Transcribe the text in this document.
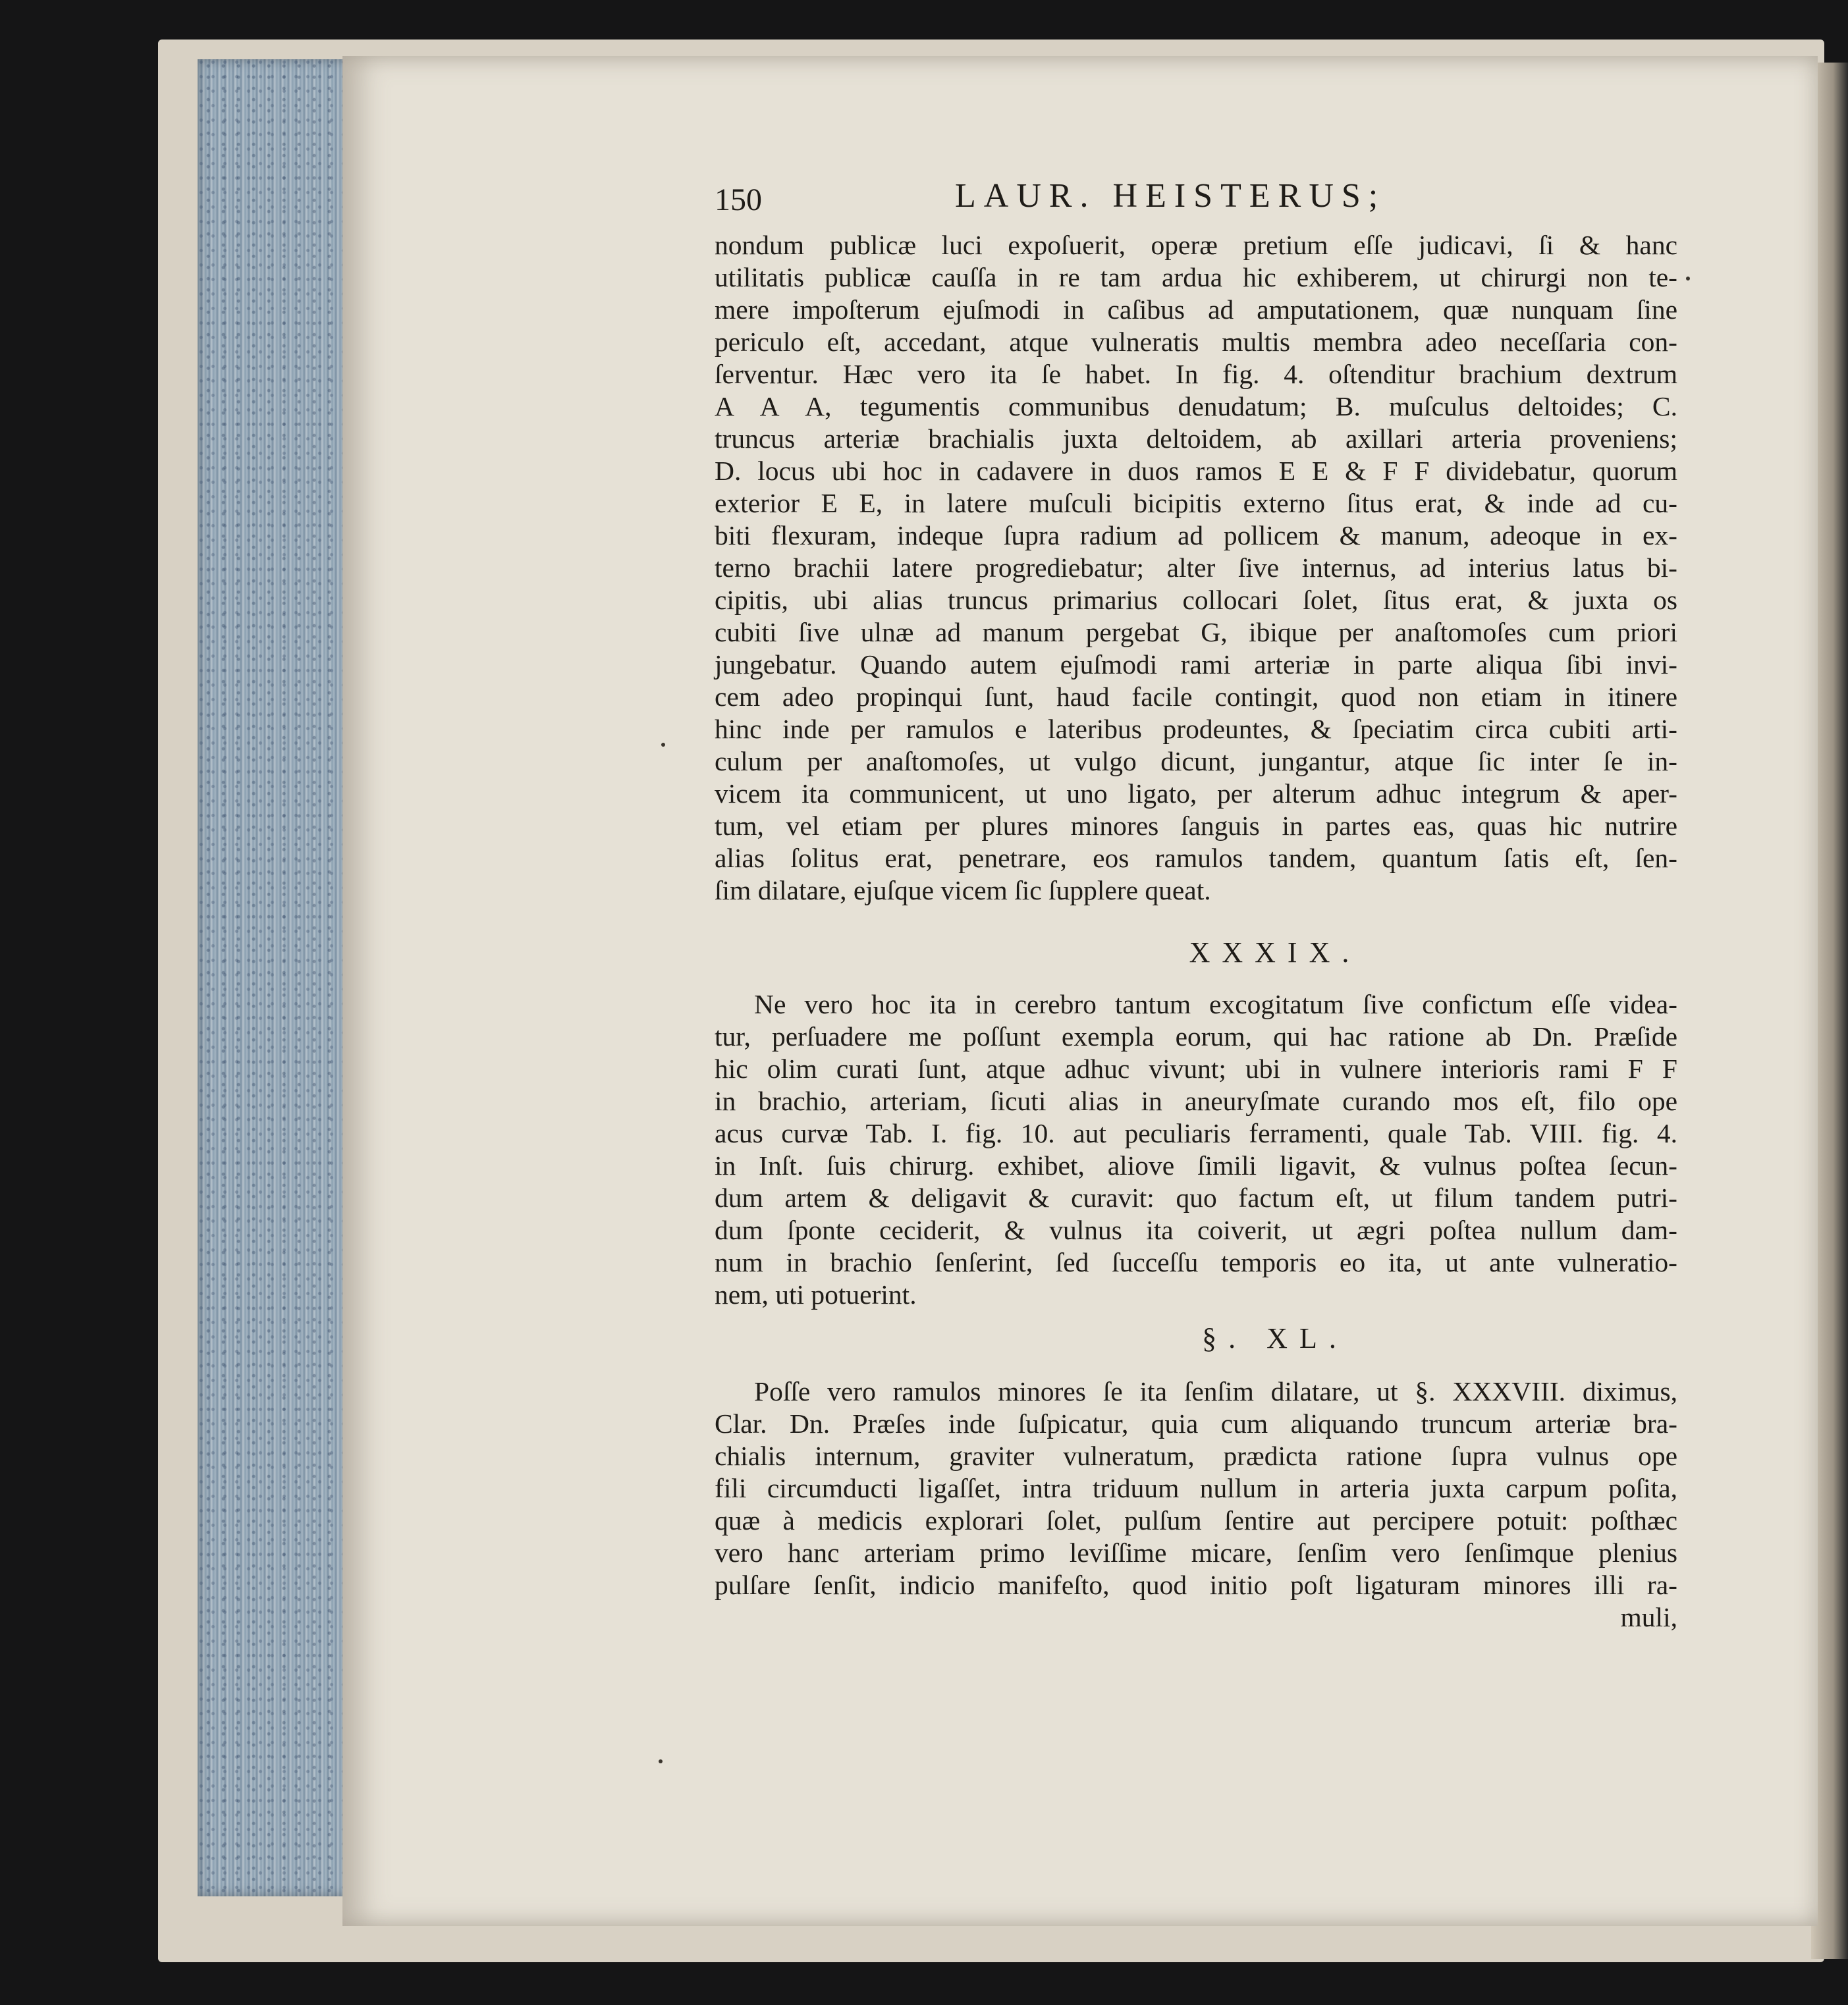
150	LAUR. HEISTERUS;
nondum publicæ luci expoſuerit, operæ pretium eſſe judicavi, ſi & hanc
utilitatis publicæ cauſſa in re tam ardua hic exhiberem, ut chirurgi non te-
mere impoſterum ejuſmodi in caſibus ad amputationem, quæ nunquam ſine
periculo eſt, accedant, atque vulneratis multis membra adeo neceſſaria con-
ſerventur. Hæc vero ita ſe habet. In fig. 4. oſtenditur brachium dextrum
A A A, tegumentis communibus denudatum; B. muſculus deltoides; C.
truncus arteriæ brachialis juxta deltoidem, ab axillari arteria proveniens;
D. locus ubi hoc in cadavere in duos ramos E E & F F dividebatur, quorum
exterior E E, in latere muſculi bicipitis externo ſitus erat, & inde ad cu-
biti flexuram, indeque ſupra radium ad pollicem & manum, adeoque in ex-
terno brachii latere progrediebatur; alter ſive internus, ad interius latus bi-
cipitis, ubi alias truncus primarius collocari ſolet, ſitus erat, & juxta os
cubiti ſive ulnæ ad manum pergebat G, ibique per anaſtomoſes cum priori
jungebatur. Quando autem ejuſmodi rami arteriæ in parte aliqua ſibi invi-
cem adeo propinqui ſunt, haud facile contingit, quod non etiam in itinere
hinc inde per ramulos e lateribus prodeuntes, & ſpeciatim circa cubiti arti-
culum per anaſtomoſes, ut vulgo dicunt, jungantur, atque ſic inter ſe in-
vicem ita communicent, ut uno ligato, per alterum adhuc integrum & aper-
tum, vel etiam per plures minores ſanguis in partes eas, quas hic nutrire
alias ſolitus erat, penetrare, eos ramulos tandem, quantum ſatis eſt, ſen-
ſim dilatare, ejuſque vicem ſic ſupplere queat.
XXXIX.
Ne vero hoc ita in cerebro tantum excogitatum ſive confictum eſſe videa-
tur, perſuadere me poſſunt exempla eorum, qui hac ratione ab Dn. Præſide
hic olim curati ſunt, atque adhuc vivunt; ubi in vulnere interioris rami F F
in brachio, arteriam, ſicuti alias in aneuryſmate curando mos eſt, filo ope
acus curvæ Tab. I. fig. 10. aut peculiaris ferramenti, quale Tab. VIII. fig. 4.
in Inſt. ſuis chirurg. exhibet, aliove ſimili ligavit, & vulnus poſtea ſecun-
dum artem & deligavit & curavit: quo factum eſt, ut filum tandem putri-
dum ſponte ceciderit, & vulnus ita coiverit, ut ægri poſtea nullum dam-
num in brachio ſenſerint, ſed ſucceſſu temporis eo ita, ut ante vulneratio-
nem, uti potuerint.
§. XL.
Poſſe vero ramulos minores ſe ita ſenſim dilatare, ut §. XXXVIII. diximus,
Clar. Dn. Præſes inde ſuſpicatur, quia cum aliquando truncum arteriæ bra-
chialis internum, graviter vulneratum, prædicta ratione ſupra vulnus ope
fili circumducti ligaſſet, intra triduum nullum in arteria juxta carpum poſita,
quæ à medicis explorari ſolet, pulſum ſentire aut percipere potuit: poſthæc
vero hanc arteriam primo leviſſime micare, ſenſim vero ſenſimque plenius
pulſare ſenſit, indicio manifeſto, quod initio poſt ligaturam minores illi ra-
muli,
